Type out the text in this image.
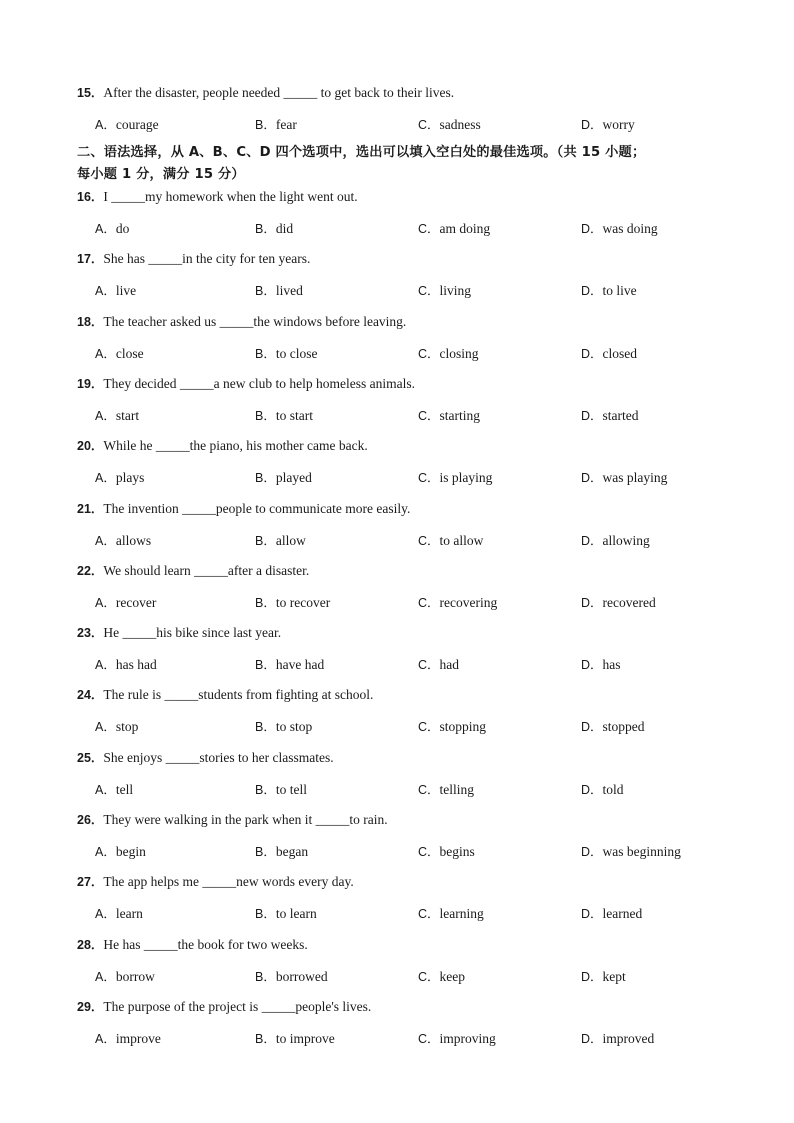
15．After the disaster, people needed _____ to get back to their lives.
A．courage	B．fear	C．sadness	D．worry
二、语法选择，从 A、B、C、D 四个选项中，选出可以填入空白处的最佳选项。（共 15 小题；
每小题 1 分，满分 15 分）
16．I _____my homework when the light went out.
A．do	B．did	C．am doing	D．was doing
17．She has _____in the city for ten years.
A．live	B．lived	C．living	D．to live
18．The teacher asked us _____the windows before leaving.
A．close	B．to close	C．closing	D．closed
19．They decided _____a new club to help homeless animals.
A．start	B．to start	C．starting	D．started
20．While he _____the piano, his mother came back.
A．plays	B．played	C．is playing	D．was playing
21．The invention _____people to communicate more easily.
A．allows	B．allow	C．to allow	D．allowing
22．We should learn _____after a disaster.
A．recover	B．to recover	C．recovering	D．recovered
23．He _____his bike since last year.
A．has had	B．have had	C．had	D．has
24．The rule is _____students from fighting at school.
A．stop	B．to stop	C．stopping	D．stopped
25．She enjoys _____stories to her classmates.
A．tell	B．to tell	C．telling	D．told
26．They were walking in the park when it _____to rain.
A．begin	B．began	C．begins	D．was beginning
27．The app helps me _____new words every day.
A．learn	B．to learn	C．learning	D．learned
28．He has _____the book for two weeks.
A．borrow	B．borrowed	C．keep	D．kept
29．The purpose of the project is _____people's lives.
A．improve	B．to improve	C．improving	D．improved
